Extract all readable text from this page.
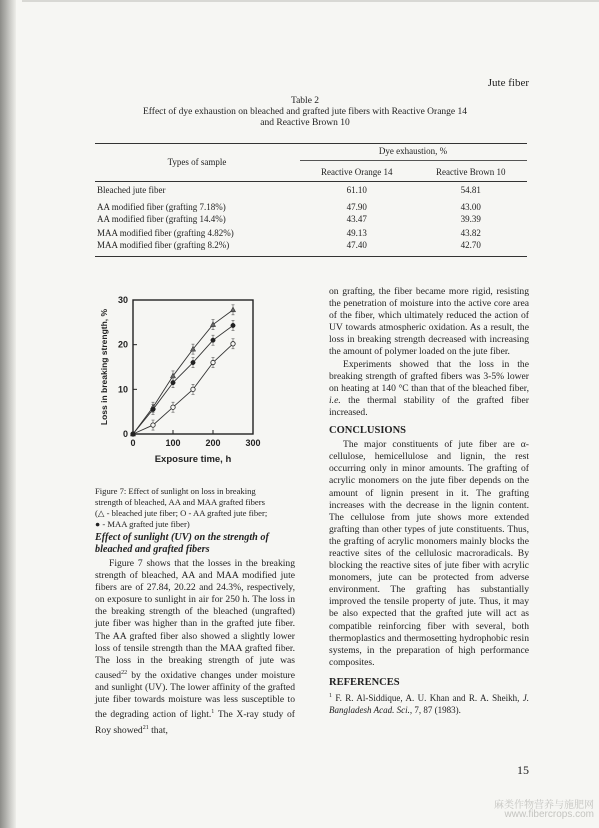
Jute fiber
Table 2
Effect of dye exhaustion on bleached and grafted jute fibers with Reactive Orange 14
and Reactive Brown 10
Types of sample	Dye exhaustion, %	
	Reactive Orange 14	Reactive Brown 10
Bleached jute fiber	61.10	54.81
AA modified fiber (grafting 7.18%)	47.90	43.00
AA modified fiber (grafting 14.4%)	43.47	39.39
MAA modified fiber (grafting 4.82%)	49.13	43.82
MAA modified fiber (grafting 8.2%)	47.40	42.70
0	100	200	300
0
10
20
30
Exposure time, h
Loss in breaking strength, %
Figure 7: Effect of sunlight on loss in breaking
strength of bleached, AA and MAA grafted fibers
(△ - bleached jute fiber; O - AA grafted jute fiber;
● - MAA grafted jute fiber)
Effect of sunlight (UV) on the strength of
bleached and grafted fibers

Figure 7 shows that the losses in the breaking strength of bleached, AA and MAA modified jute fibers are of 27.84, 20.22 and 24.3%, respectively, on exposure to sunlight in air for 250 h. The loss in the breaking strength of the bleached (ungrafted) jute fiber was higher than in the grafted jute fiber. The AA grafted fiber also showed a slightly lower loss of tensile strength than the MAA grafted fiber. The loss in the breaking strength of jute was caused$^{22}$ by the oxidative changes under moisture and sunlight (UV). The lower affinity of the grafted jute fiber towards moisture was less susceptible to the degrading action of light.$^1$ The X-ray study of Roy showed$^{21}$ that,

on grafting, the fiber became more rigid, resisting the penetration of moisture into the active core area of the fiber, which ultimately reduced the action of UV towards atmospheric oxidation. As a result, the loss in breaking strength decreased with increasing the amount of polymer loaded on the jute fiber.

Experiments showed that the loss in the breaking strength of grafted fibers was 3-5% lower on heating at 140 °C than that of the bleached fiber, i.e. the thermal stability of the grafted fiber increased.

CONCLUSIONS

The major constituents of jute fiber are α-cellulose, hemicellulose and lignin, the rest occurring only in minor amounts. The grafting of acrylic monomers on the jute fiber depends on the amount of lignin present in it. The grafting increases with the decrease in the lignin content. The cellulose from jute shows more extended grafting than other types of jute constituents. Thus, the grafting of acrylic monomers mainly blocks the reactive sites of the cellulosic macroradicals. By blocking the reactive sites of jute fiber with acrylic monomers, jute can be protected from adverse environment. The grafting has substantially improved the tensile property of jute. Thus, it may be also expected that the grafted jute will act as compatible reinforcing fiber with several, both thermoplastics and thermosetting hydrophobic resin systems, in the preparation of high performance composites.

REFERENCES

$^1$ F. R. Al-Siddique, A. U. Khan and R. A. Sheikh, J. Bangladesh Acad. Sci., 7, 87 (1983).

15
麻类作物营养与施肥网
www.fibercrops.com
